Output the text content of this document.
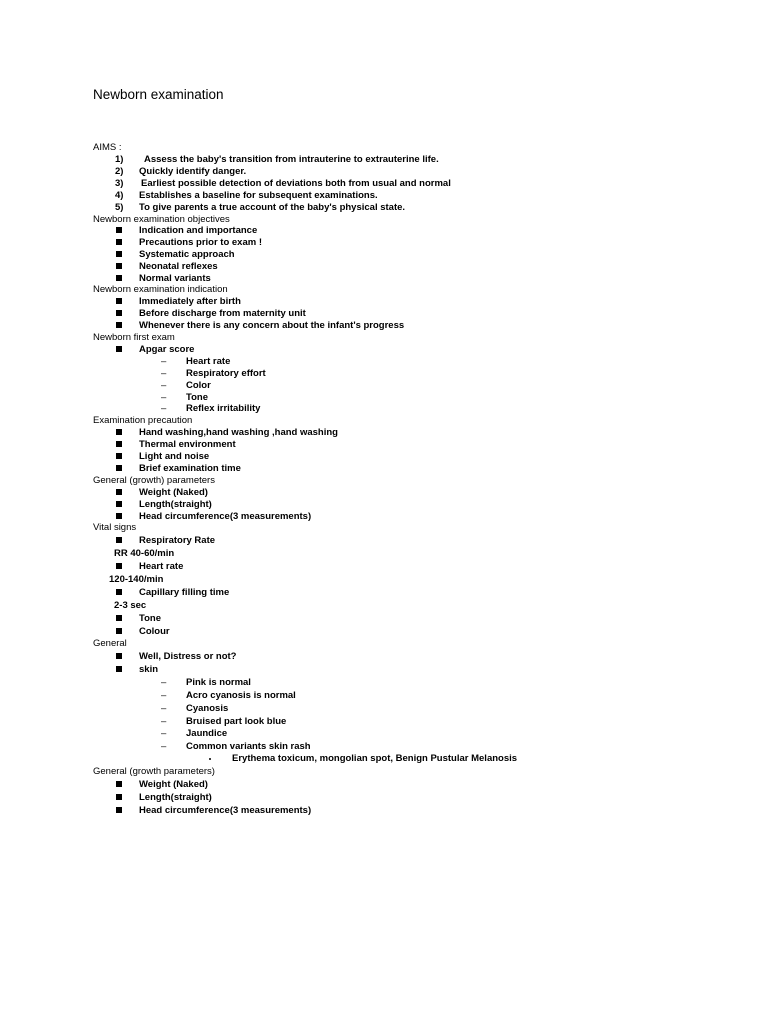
Newborn examination
AIMS :
1) Assess the baby's transition from intrauterine to extrauterine life.
2) Quickly identify danger.
3) Earliest possible detection of deviations both from usual and normal
4) Establishes a baseline for subsequent examinations.
5) To give parents a true account of the baby's physical state.
Newborn examination objectives
Indication and importance
Precautions prior to exam !
Systematic approach
Neonatal reflexes
Normal variants
Newborn examination indication
Immediately after birth
Before discharge from maternity unit
Whenever there is any concern about the infant's progress
Newborn first exam
Apgar score
– Heart rate
– Respiratory effort
– Color
– Tone
– Reflex irritability
Examination precaution
Hand washing,hand washing ,hand washing
Thermal environment
Light and noise
Brief examination time
General (growth) parameters
Weight (Naked)
Length(straight)
Head circumference(3 measurements)
Vital signs
Respiratory Rate
RR 40-60/min
Heart rate
120-140/min
Capillary filling time
2-3 sec
Tone
Colour
General
Well, Distress or not?
skin
– Pink is normal
– Acro cyanosis is normal
– Cyanosis
– Bruised part look blue
– Jaundice
– Common variants skin rash
Erythema toxicum, mongolian spot, Benign Pustular Melanosis
General (growth parameters)
Weight (Naked)
Length(straight)
Head circumference(3 measurements)
